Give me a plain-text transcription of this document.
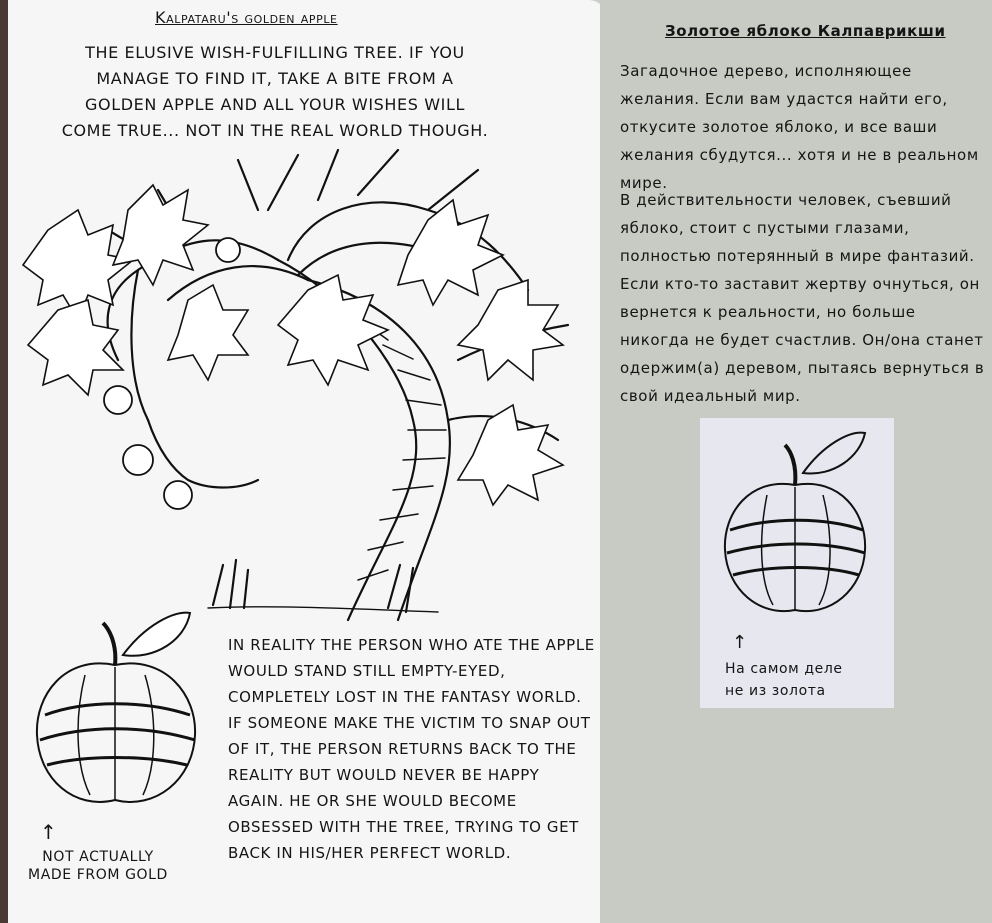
↑
↑
Kalpataru's golden apple
THE ELUSIVE WISH-FULFILLING TREE. IF YOU MANAGE TO FIND IT, TAKE A BITE FROM A GOLDEN APPLE AND ALL YOUR WISHES WILL COME TRUE... NOT IN THE REAL WORLD THOUGH.
IN REALITY THE PERSON WHO ATE THE APPLE WOULD STAND STILL EMPTY-EYED, COMPLETELY LOST IN THE FANTASY WORLD. IF SOMEONE MAKE THE VICTIM TO SNAP OUT OF IT, THE PERSON RETURNS BACK TO THE REALITY BUT WOULD NEVER BE HAPPY AGAIN. HE OR SHE WOULD BECOME OBSESSED WITH THE TREE, TRYING TO GET BACK IN HIS/HER PERFECT WORLD.
NOT ACTUALLY MADE FROM GOLD
Золотое яблоко Калпаврикши
Загадочное дерево, исполняющее желания. Если вам удастся найти его, откусите золотое яблоко, и все ваши желания сбудутся... хотя и не в реальном мире.
В действительности человек, съевший яблоко, стоит с пустыми глазами, полностью потерянный в мире фантазий. Если кто-то заставит жертву очнуться, он вернется к реальности, но больше никогда не будет счастлив. Он/она станет одержим(а) деревом, пытаясь вернуться в свой идеальный мир.
На самом деле не из золота
